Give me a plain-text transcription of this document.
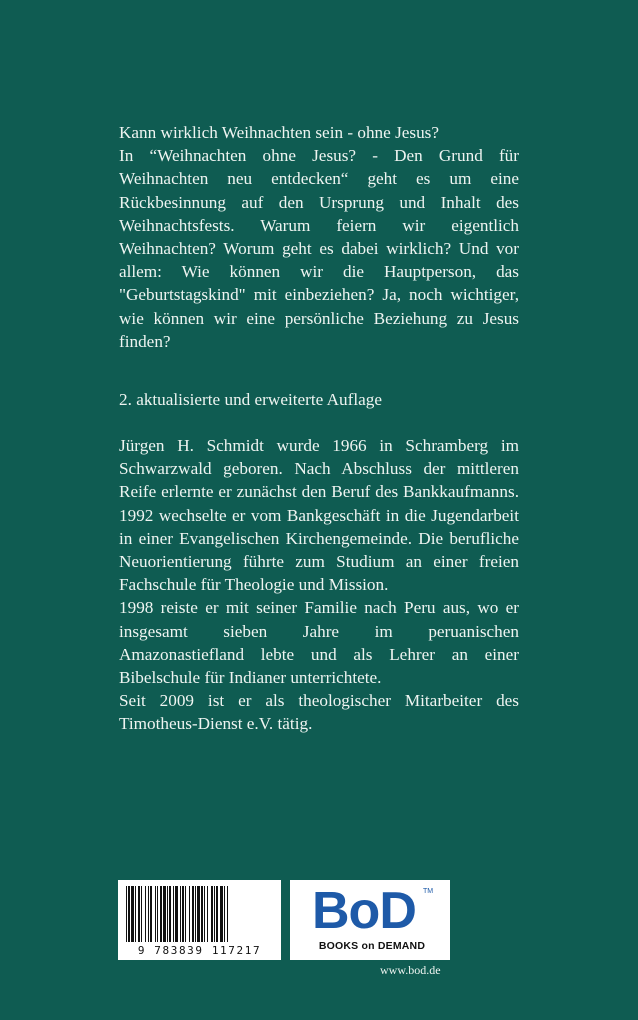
Kann wirklich Weihnachten sein - ohne Jesus?

In “Weihnachten ohne Jesus? - Den Grund für Weihnachten neu entdecken“ geht es um eine Rückbesinnung auf den Ursprung und Inhalt des Weihnachtsfests. Warum feiern wir eigentlich Weihnachten? Worum geht es dabei wirklich? Und vor allem: Wie können wir die Hauptperson, das "Geburtstagskind" mit einbeziehen? Ja, noch wichtiger, wie können wir eine persönliche Beziehung zu Jesus finden?

2. aktualisierte und erweiterte Auflage

Jürgen H. Schmidt wurde 1966 in Schramberg im Schwarzwald geboren. Nach Abschluss der mittleren Reife erlernte er zunächst den Beruf des Bankkaufmanns. 1992 wechselte er vom Bankgeschäft in die Jugendarbeit in einer Evangelischen Kirchengemeinde. Die berufliche Neuorientierung führte zum Studium an einer freien Fachschule für Theologie und Mission.

1998 reiste er mit seiner Familie nach Peru aus, wo er insgesamt sieben Jahre im peruanischen Amazonastiefland lebte und als Lehrer an einer Bibelschule für Indianer unterrichtete.

Seit 2009 ist er als theologischer Mitarbeiter des Timotheus-Dienst e.V. tätig.

9 783839 117217
BoD TM
BOOKS on DEMAND
www.bod.de
